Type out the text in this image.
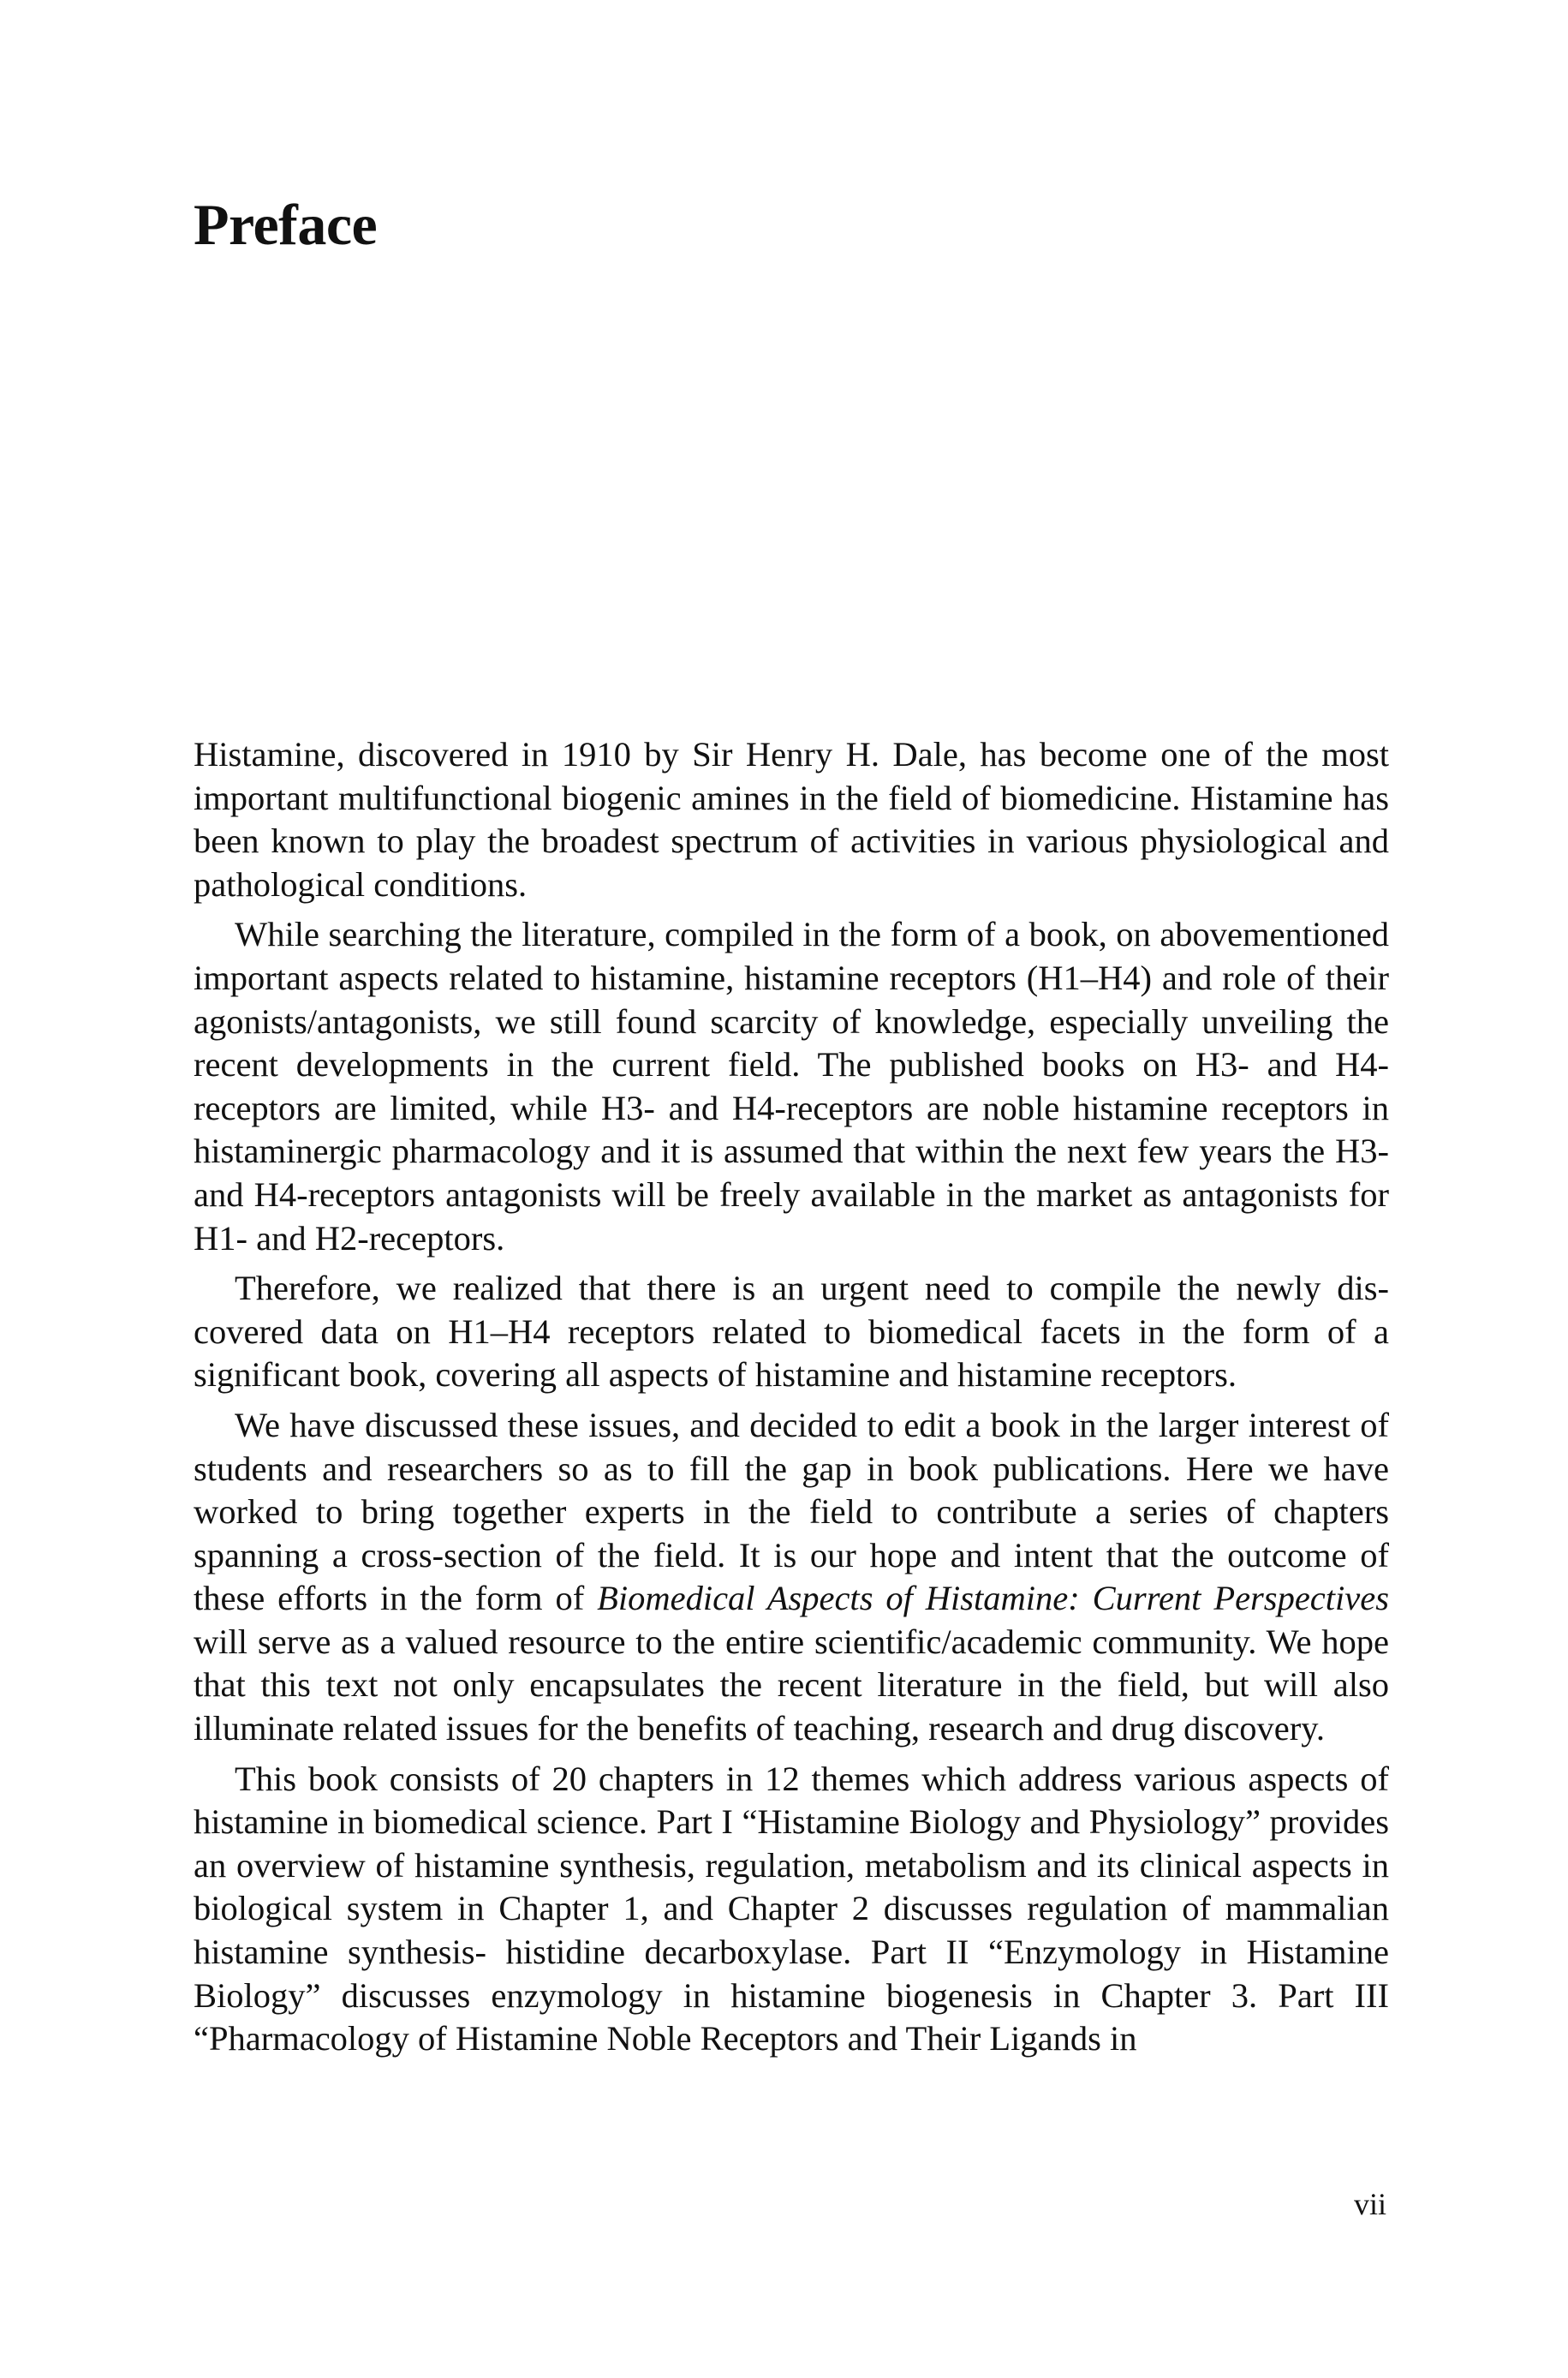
Preface

Histamine, discovered in 1910 by Sir Henry H. Dale, has become one of the most important multifunctional biogenic amines in the field of biomedicine. Histamine has been known to play the broadest spectrum of activities in various physiological and pathological conditions.

While searching the literature, compiled in the form of a book, on abovementioned important aspects related to histamine, histamine receptors (H1–H4) and role of their agonists/antagonists, we still found scarcity of knowledge, especially unveiling the recent developments in the current field. The published books on H3- and H4-receptors are limited, while H3- and H4-receptors are noble histamine receptors in histaminergic pharmacology and it is assumed that within the next few years the H3- and H4-receptors antagonists will be freely available in the market as antagonists for H1- and H2-receptors.

Therefore, we realized that there is an urgent need to compile the newly discovered data on H1–H4 receptors related to biomedical facets in the form of a significant book, covering all aspects of histamine and histamine receptors.

We have discussed these issues, and decided to edit a book in the larger interest of students and researchers so as to fill the gap in book publications. Here we have worked to bring together experts in the field to contribute a series of chapters spanning a cross-section of the field. It is our hope and intent that the outcome of these efforts in the form of Biomedical Aspects of Histamine: Current Perspectives will serve as a valued resource to the entire scientific/academic community. We hope that this text not only encapsulates the recent literature in the field, but will also illuminate related issues for the benefits of teaching, research and drug discovery.

This book consists of 20 chapters in 12 themes which address various aspects of histamine in biomedical science. Part I “Histamine Biology and Physiology” provides an overview of histamine synthesis, regulation, metabolism and its clinical aspects in biological system in Chapter 1, and Chapter 2 discusses regulation of mammalian histamine synthesis- histidine decarboxylase. Part II “Enzymology in Histamine Biology” discusses enzymology in histamine biogenesis in Chapter 3. Part III “Pharmacology of Histamine Noble Receptors and Their Ligands in

vii
